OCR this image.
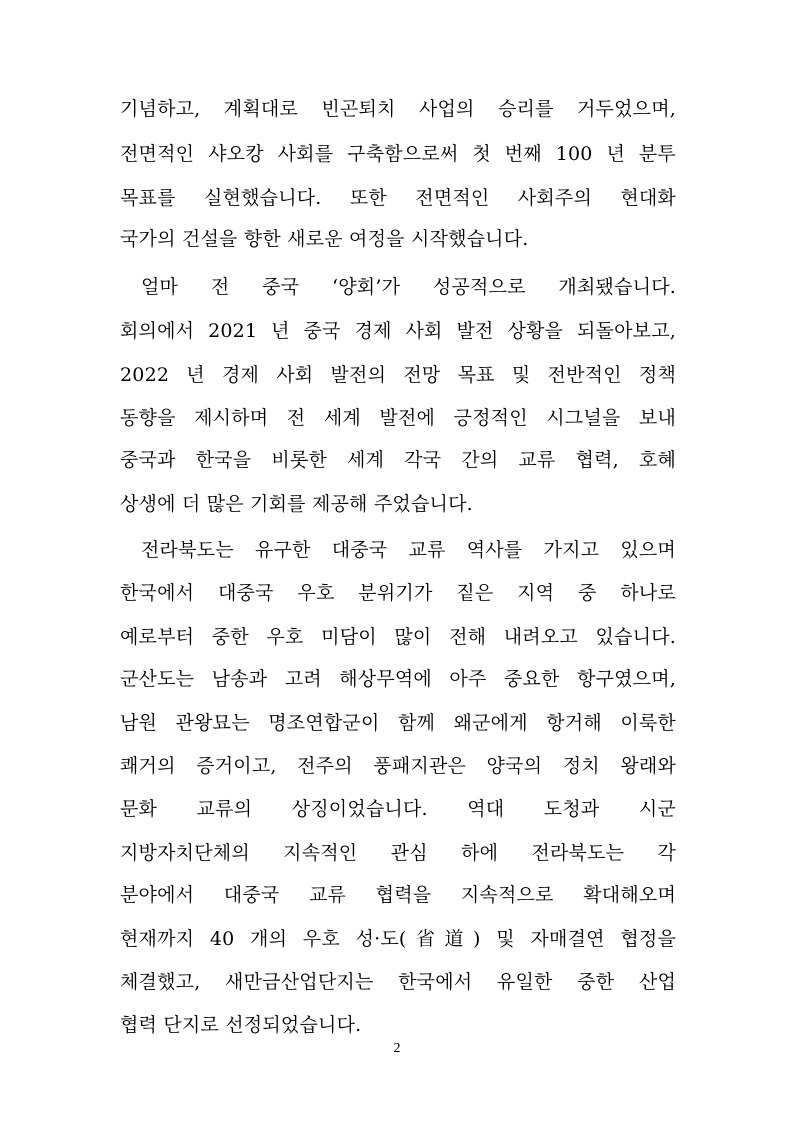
기념하고, 계획대로 빈곤퇴치 사업의 승리를 거두었으며,
전면적인 샤오캉 사회를 구축함으로써 첫 번째 100 년 분투
목표를 실현했습니다. 또한 전면적인 사회주의 현대화
국가의 건설을 향한 새로운 여정을 시작했습니다.
얼마 전 중국 ‘양회’가 성공적으로 개최됐습니다.
회의에서 2021 년 중국 경제 사회 발전 상황을 되돌아보고,
2022 년 경제 사회 발전의 전망 목표 및 전반적인 정책
동향을 제시하며 전 세계 발전에 긍정적인 시그널을 보내
중국과 한국을 비롯한 세계 각국 간의 교류 협력, 호혜
상생에 더 많은 기회를 제공해 주었습니다.
전라북도는 유구한 대중국 교류 역사를 가지고 있으며
한국에서 대중국 우호 분위기가 짙은 지역 중 하나로
예로부터 중한 우호 미담이 많이 전해 내려오고 있습니다.
군산도는 남송과 고려 해상무역에 아주 중요한 항구였으며,
남원 관왕묘는 명조연합군이 함께 왜군에게 항거해 이룩한
쾌거의 증거이고, 전주의 풍패지관은 양국의 정치 왕래와
문화 교류의 상징이었습니다. 역대 도청과 시군
지방자치단체의 지속적인 관심 하에 전라북도는 각
분야에서 대중국 교류 협력을 지속적으로 확대해오며
현재까지 40 개의 우호 성·도(省道) 및 자매결연 협정을
체결했고, 새만금산업단지는 한국에서 유일한 중한 산업
협력 단지로 선정되었습니다.
2
